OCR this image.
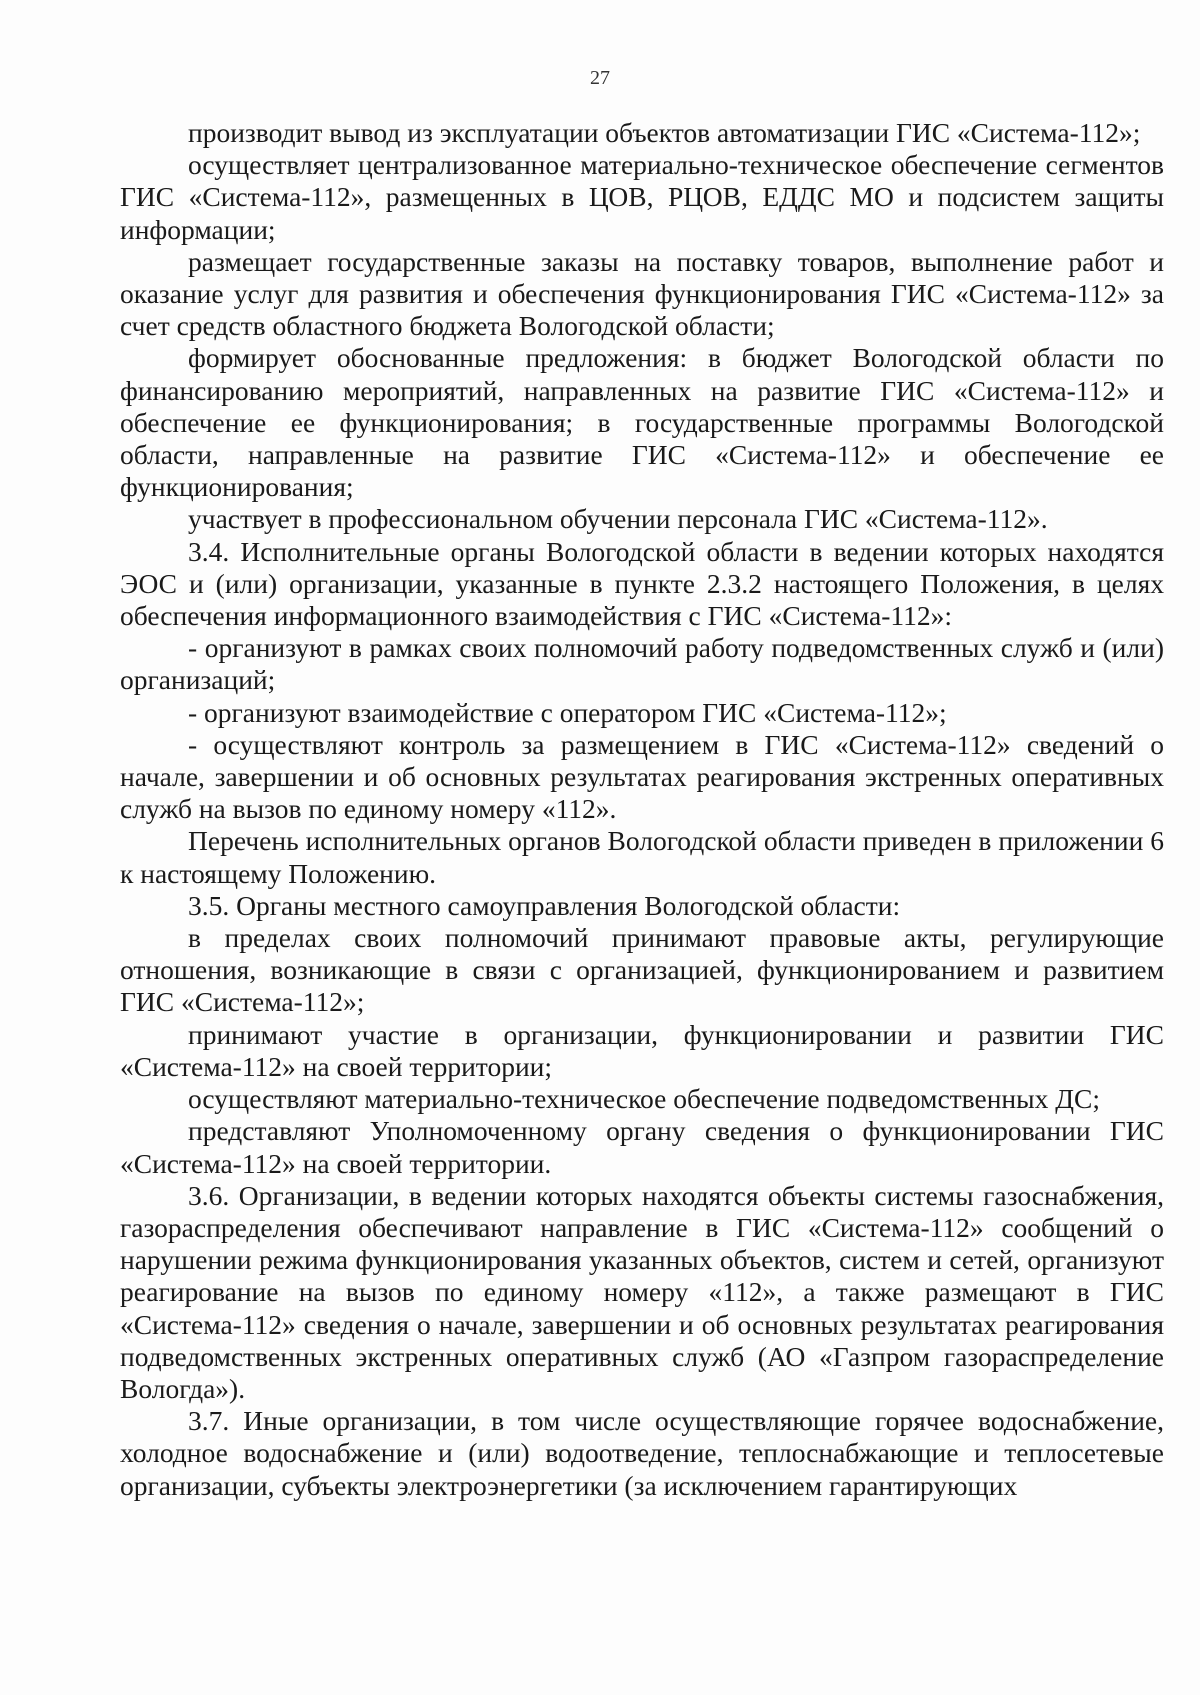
27

производит вывод из эксплуатации объектов автоматизации ГИС «Система-112»;

осуществляет централизованное материально-техническое обеспечение сегментов ГИС «Система-112», размещенных в ЦОВ, РЦОВ, ЕДДС МО и подсистем защиты информации;

размещает государственные заказы на поставку товаров, выполнение работ и оказание услуг для развития и обеспечения функционирования ГИС «Система-112» за счет средств областного бюджета Вологодской области;

формирует обоснованные предложения: в бюджет Вологодской области по финансированию мероприятий, направленных на развитие ГИС «Система-112» и обеспечение ее функционирования; в государственные программы Вологодской области, направленные на развитие ГИС «Система-112» и обеспечение ее функционирования;

участвует в профессиональном обучении персонала ГИС «Система-112».

3.4. Исполнительные органы Вологодской области в ведении которых находятся ЭОС и (или) организации, указанные в пункте 2.3.2 настоящего Положения, в целях обеспечения информационного взаимодействия с ГИС «Система-112»:

- организуют в рамках своих полномочий работу подведомственных служб и (или) организаций;

- организуют взаимодействие с оператором ГИС «Система-112»;

- осуществляют контроль за размещением в ГИС «Система-112» сведений о начале, завершении и об основных результатах реагирования экстренных оперативных служб на вызов по единому номеру «112».

Перечень исполнительных органов Вологодской области приведен в приложении 6 к настоящему Положению.

3.5. Органы местного самоуправления Вологодской области:

в пределах своих полномочий принимают правовые акты, регулирующие отношения, возникающие в связи с организацией, функционированием и развитием ГИС «Система-112»;

принимают участие в организации, функционировании и развитии ГИС «Система-112» на своей территории;

осуществляют материально-техническое обеспечение подведомственных ДС;

представляют Уполномоченному органу сведения о функционировании ГИС «Система-112» на своей территории.

3.6. Организации, в ведении которых находятся объекты системы газоснабжения, газораспределения обеспечивают направление в ГИС «Система-112» сообщений о нарушении режима функционирования указанных объектов, систем и сетей, организуют реагирование на вызов по единому номеру «112», а также размещают в ГИС «Система-112» сведения о начале, завершении и об основных результатах реагирования подведомственных экстренных оперативных служб (АО «Газпром газораспределение Вологда»).

3.7. Иные организации, в том числе осуществляющие горячее водоснабжение, холодное водоснабжение и (или) водоотведение, теплоснабжающие и теплосетевые организации, субъекты электроэнергетики (за исключением гарантирующих
